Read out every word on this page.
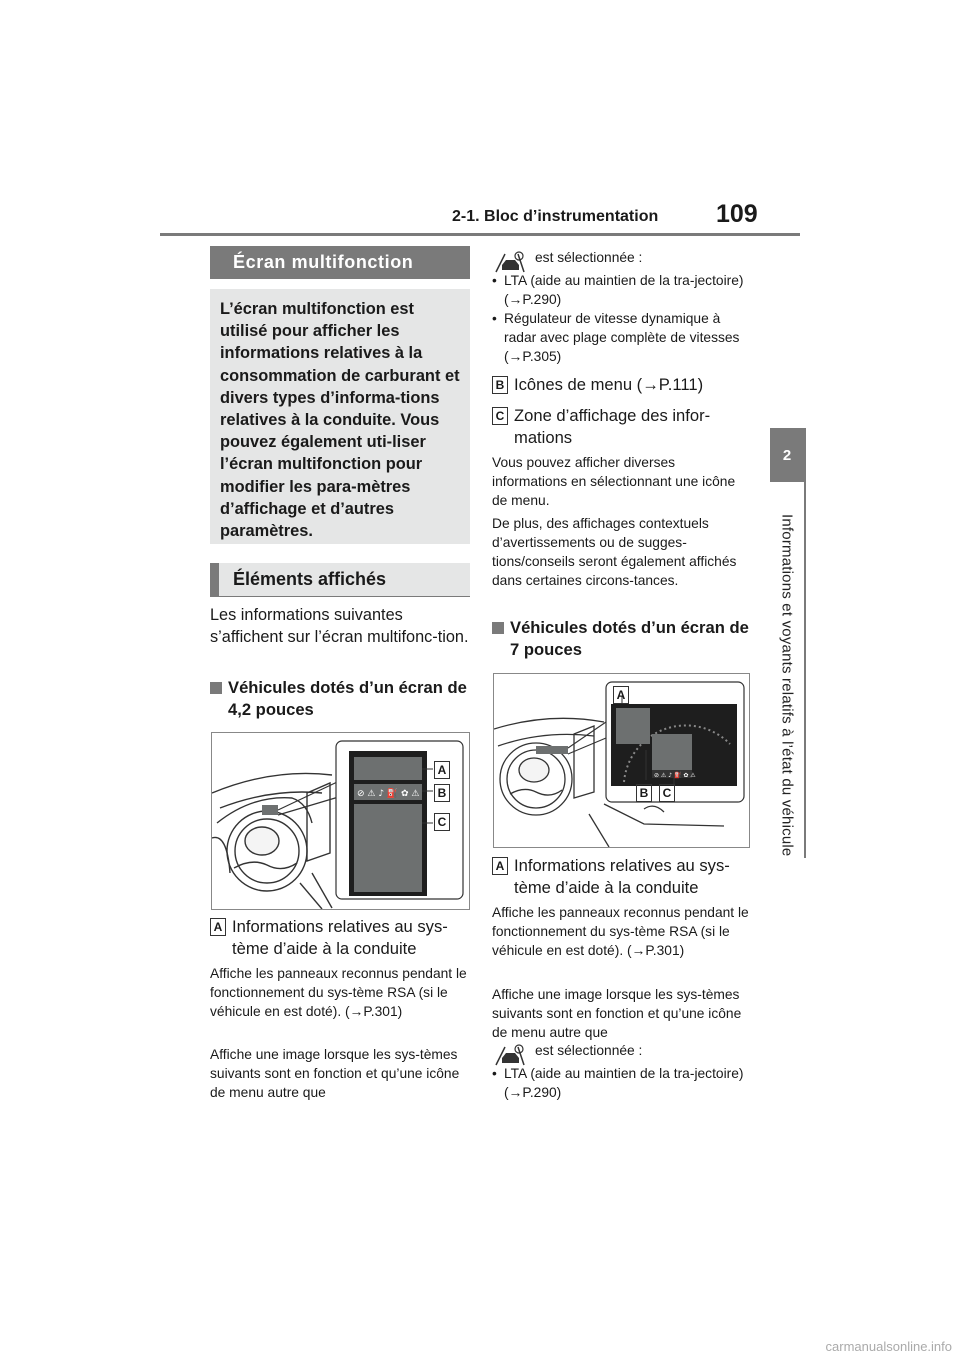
2-1. Bloc d’instrumentation 109
2
Informations et voyants relatifs à l’état du véhicule
Écran multifonction
L’écran multifonction est utilisé pour afficher les informations relatives à la consommation de carburant et divers types d’informa-tions relatives à la conduite. Vous pouvez également uti-liser l’écran multifonction pour modifier les para-mètres d’affichage et d’autres paramètres.
Éléments affichés
Les informations suivantes s’affichent sur l’écran multifonc-tion.
Véhicules dotés d’un écran de 4,2 pouces
⊘ ⚠ ♪ ⛽ ✿ ⚠
A
B
C
A Informations relatives au sys-tème d’aide à la conduite
Affiche les panneaux reconnus pendant le fonctionnement du sys-tème RSA (si le véhicule en est doté). (→P.301)
Affiche une image lorsque les sys-tèmes suivants sont en fonction et qu’une icône de menu autre que
est sélectionnée :
• LTA (aide au maintien de la tra-jectoire) (→P.290)
• Régulateur de vitesse dynamique à radar avec plage complète de vitesses (→P.305)
B Icônes de menu (→P.111)
C Zone d’affichage des infor-mations
Vous pouvez afficher diverses informations en sélectionnant une icône de menu.
De plus, des affichages contextuels d’avertissements ou de sugges-tions/conseils seront également affichés dans certaines circons-tances.
Véhicules dotés d’un écran de 7 pouces
⊘ ⚠ ♪ ⛽ ✿ ⚠
A
B	C
A Informations relatives au sys-tème d’aide à la conduite
Affiche les panneaux reconnus pendant le fonctionnement du sys-tème RSA (si le véhicule en est doté). (→P.301)
Affiche une image lorsque les sys-tèmes suivants sont en fonction et qu’une icône de menu autre que
est sélectionnée :
• LTA (aide au maintien de la tra-jectoire) (→P.290)
carmanualsonline.info
